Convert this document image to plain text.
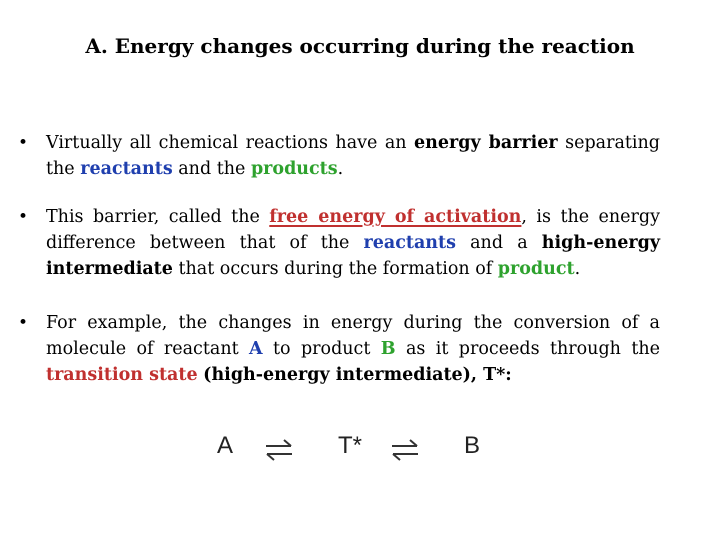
A. Energy changes occurring during the reaction
•	Virtually all chemical reactions have an energy barrier separating the reactants and the products.
•	This barrier, called the free energy of activation, is the energy difference between that of the reactants and a high-energy intermediate that occurs during the formation of product.
•	For example, the changes in energy during the conversion of a molecule of reactant A to product B as it proceeds through the transition state (high-energy intermediate), T*:
A	T*	B
